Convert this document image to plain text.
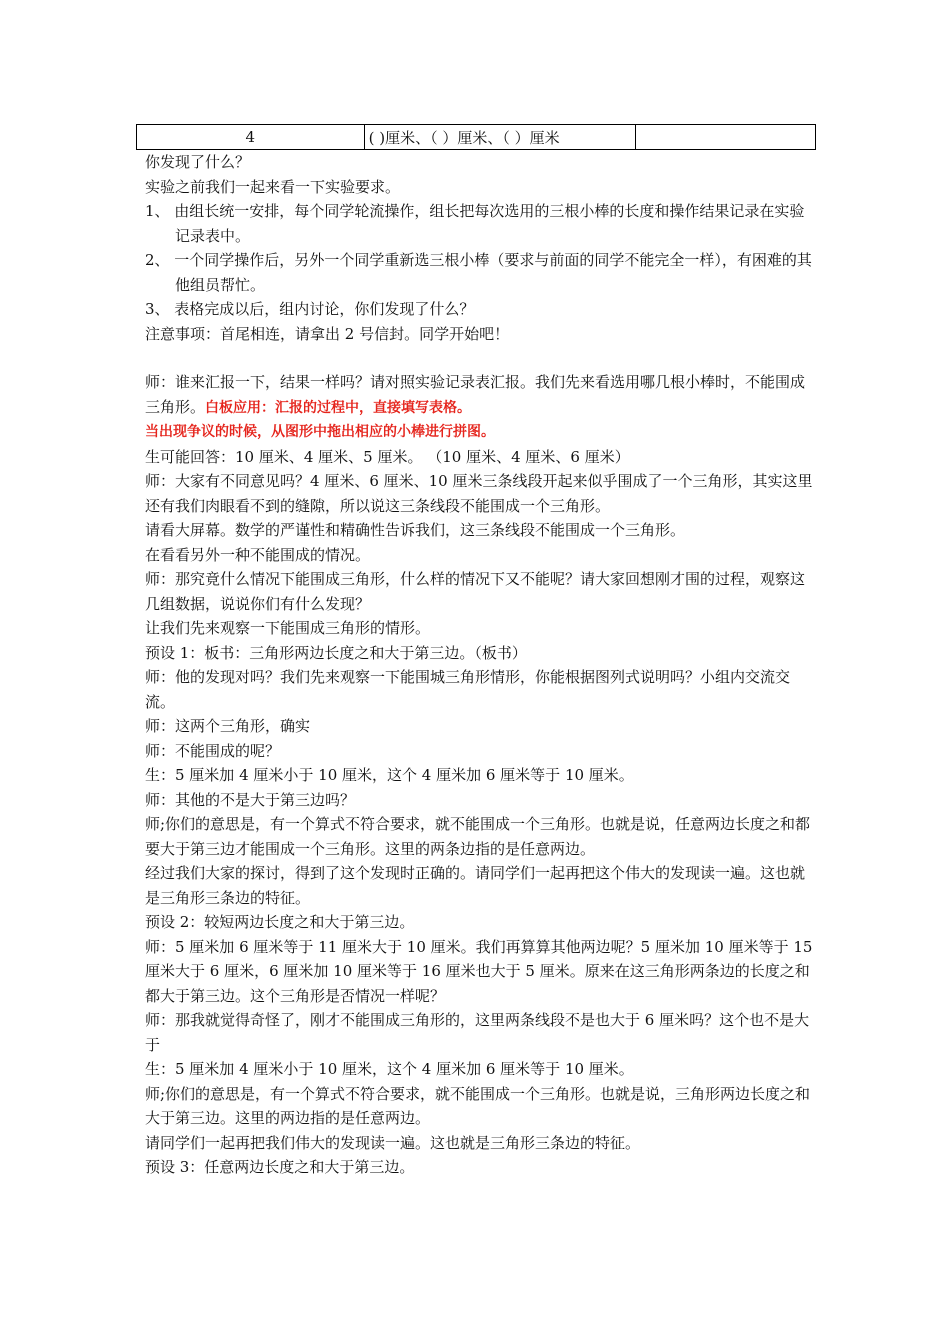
4	( )厘米、（ ）厘米、（ ）厘米	

你发现了什么？

实验之前我们一起来看一下实验要求。

1、 由组长统一安排，每个同学轮流操作，组长把每次选用的三根小棒的长度和操作结果记录在实验记录表中。

2、 一个同学操作后，另外一个同学重新选三根小棒（要求与前面的同学不能完全一样），有困难的其他组员帮忙。

3、 表格完成以后，组内讨论，你们发现了什么？

注意事项：首尾相连，请拿出 2 号信封。同学开始吧！

师：谁来汇报一下，结果一样吗？请对照实验记录表汇报。我们先来看选用哪几根小棒时，不能围成三角形。白板应用：汇报的过程中，直接填写表格。

当出现争议的时候，从图形中拖出相应的小棒进行拼图。

生可能回答：10 厘米、4 厘米、5 厘米。 （10 厘米、4 厘米、6 厘米）

师：大家有不同意见吗？4 厘米、6 厘米、10 厘米三条线段开起来似乎围成了一个三角形，其实这里还有我们肉眼看不到的缝隙，所以说这三条线段不能围成一个三角形。

请看大屏幕。数学的严谨性和精确性告诉我们，这三条线段不能围成一个三角形。

在看看另外一种不能围成的情况。

师：那究竟什么情况下能围成三角形，什么样的情况下又不能呢？请大家回想刚才围的过程，观察这几组数据，说说你们有什么发现？

让我们先来观察一下能围成三角形的情形。

预设 1：板书：三角形两边长度之和大于第三边。（板书）

师：他的发现对吗？我们先来观察一下能围城三角形情形，你能根据图列式说明吗？小组内交流交流。

师：这两个三角形，确实

师：不能围成的呢？

生：5 厘米加 4 厘米小于 10 厘米，这个 4 厘米加 6 厘米等于 10 厘米。

师：其他的不是大于第三边吗？

师;你们的意思是，有一个算式不符合要求，就不能围成一个三角形。也就是说，任意两边长度之和都要大于第三边才能围成一个三角形。这里的两条边指的是任意两边。

经过我们大家的探讨，得到了这个发现时正确的。请同学们一起再把这个伟大的发现读一遍。这也就是三角形三条边的特征。

预设 2：较短两边长度之和大于第三边。

师：5 厘米加 6 厘米等于 11 厘米大于 10 厘米。我们再算算其他两边呢？5 厘米加 10 厘米等于 15 厘米大于 6 厘米，6 厘米加 10 厘米等于 16 厘米也大于 5 厘米。原来在这三角形两条边的长度之和都大于第三边。这个三角形是否情况一样呢？

师：那我就觉得奇怪了，刚才不能围成三角形的，这里两条线段不是也大于 6 厘米吗？这个也不是大于

生：5 厘米加 4 厘米小于 10 厘米，这个 4 厘米加 6 厘米等于 10 厘米。

师;你们的意思是，有一个算式不符合要求，就不能围成一个三角形。也就是说，三角形两边长度之和大于第三边。这里的两边指的是任意两边。

请同学们一起再把我们伟大的发现读一遍。这也就是三角形三条边的特征。

预设 3：任意两边长度之和大于第三边。
